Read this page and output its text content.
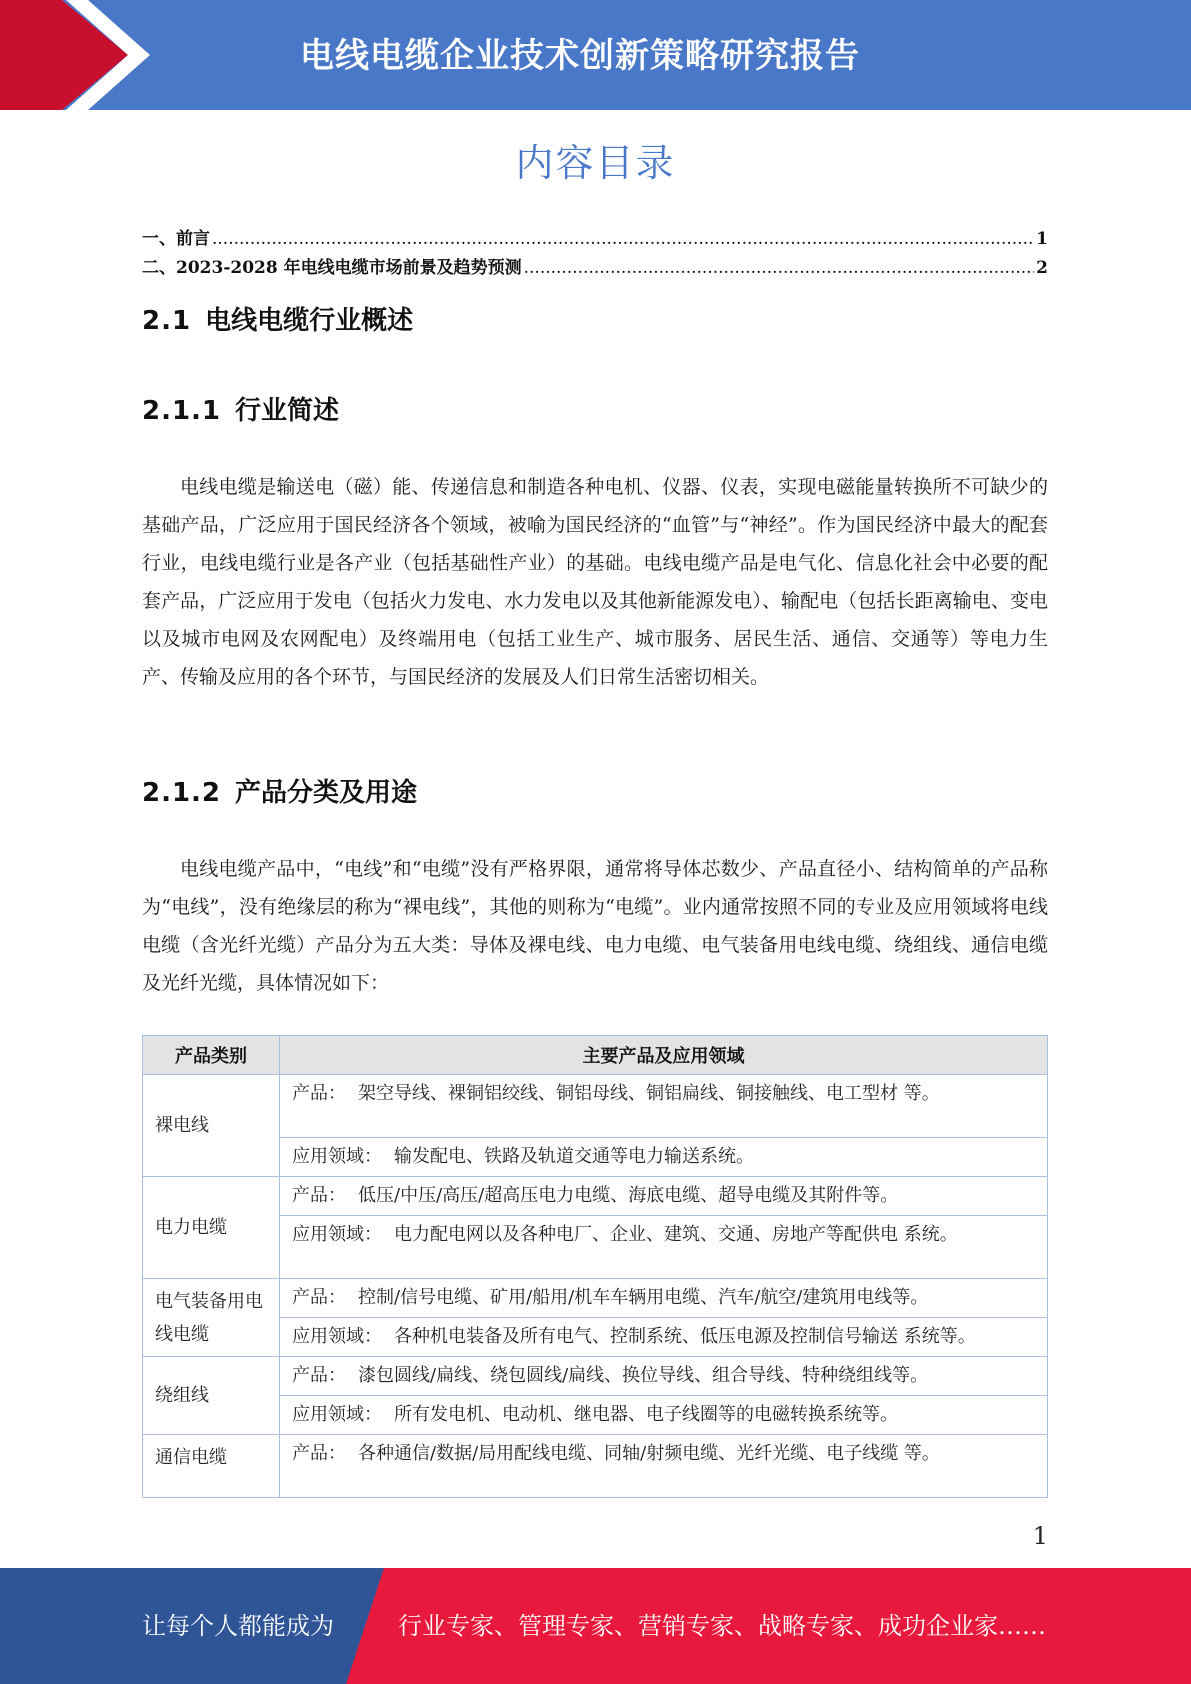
电线电缆企业技术创新策略研究报告
内容目录
一、前言 .....	1
二、2023-2028 年电线电缆市场前景及趋势预测 .....	2
2.1 电线电缆行业概述
2.1.1 行业简述

电线电缆是输送电（磁）能、传递信息和制造各种电机、仪器、仪表，实现电磁能量转换所不可缺少的基础产品，广泛应用于国民经济各个领域，被喻为国民经济的“血管”与“神经”。作为国民经济中最大的配套行业，电线电缆行业是各产业（包括基础性产业）的基础。电线电缆产品是电气化、信息化社会中必要的配套产品，广泛应用于发电（包括火力发电、水力发电以及其他新能源发电）、输配电（包括长距离输电、变电以及城市电网及农网配电）及终端用电（包括工业生产、城市服务、居民生活、通信、交通等）等电力生产、传输及应用的各个环节，与国民经济的发展及人们日常生活密切相关。

2.1.2 产品分类及用途

电线电缆产品中，“电线”和“电缆”没有严格界限，通常将导体芯数少、产品直径小、结构简单的产品称为“电线”，没有绝缘层的称为“裸电线”，其他的则称为“电缆”。业内通常按照不同的专业及应用领域将电线电缆（含光纤光缆）产品分为五大类：导体及裸电线、电力电缆、电气装备用电线电缆、绕组线、通信电缆及光纤光缆，具体情况如下：

产品类别	主要产品及应用领域
裸电线	产品： 架空导线、裸铜铝绞线、铜铝母线、铜铝扁线、铜接触线、电工型材 等。
	应用领域： 输发配电、铁路及轨道交通等电力输送系统。
电力电缆	产品： 低压/中压/高压/超高压电力电缆、海底电缆、超导电缆及其附件等。
	应用领域： 电力配电网以及各种电厂、企业、建筑、交通、房地产等配供电 系统。
电气装备用电线电缆	产品： 控制/信号电缆、矿用/船用/机车车辆用电缆、汽车/航空/建筑用电线等。
	应用领域： 各种机电装备及所有电气、控制系统、低压电源及控制信号输送 系统等。
绕组线	产品： 漆包圆线/扁线、绕包圆线/扁线、换位导线、组合导线、特种绕组线等。
	应用领域： 所有发电机、电动机、继电器、电子线圈等的电磁转换系统等。
通信电缆	产品： 各种通信/数据/局用配线电缆、同轴/射频电缆、光纤光缆、电子线缆 等。
1
让每个人都能成为	行业专家、管理专家、营销专家、战略专家、成功企业家……
